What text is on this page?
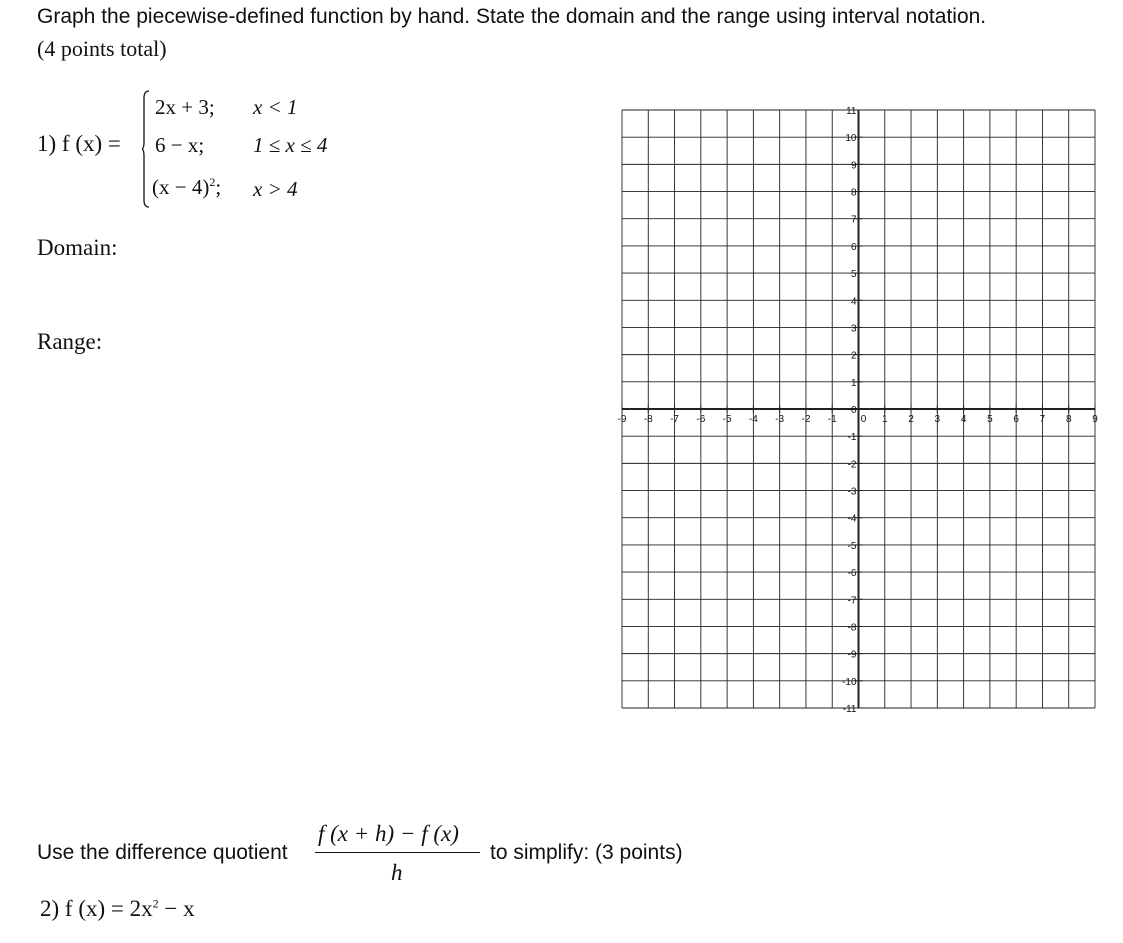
Graph the piecewise-defined function by hand. State the domain and the range using interval notation.
(4 points total)
1) f (x) =
2x + 3; x < 1
6 − x; 1 ≤ x ≤ 4
$(x - 4)^2$; x > 4
Domain:
Range:
-9 -8 -7 -6 -5 -4 -3 -2 -1 0 1 2 3 4 5 6 7 8 9
11
10
9
8
7
6
5
4
3
2
1
0
-1
-2
-3
-4
-5
-6
-7
-8
-9
-10
-11
Use the difference quotient
f (x + h) − f (x)
h
to simplify: (3 points)
2) f $(x) = 2x^2 - x$
